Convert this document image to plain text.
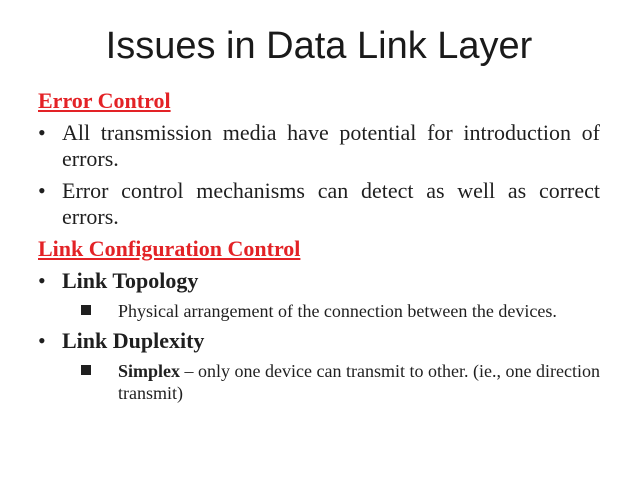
Issues in Data Link Layer
Error Control
• All transmission media have potential for introduction of errors.
• Error control mechanisms can detect as well as correct errors.
Link Configuration Control
• Link Topology
Physical arrangement of the connection between the devices.
• Link Duplexity
Simplex – only one device can transmit to other. (ie., one direction transmit)
